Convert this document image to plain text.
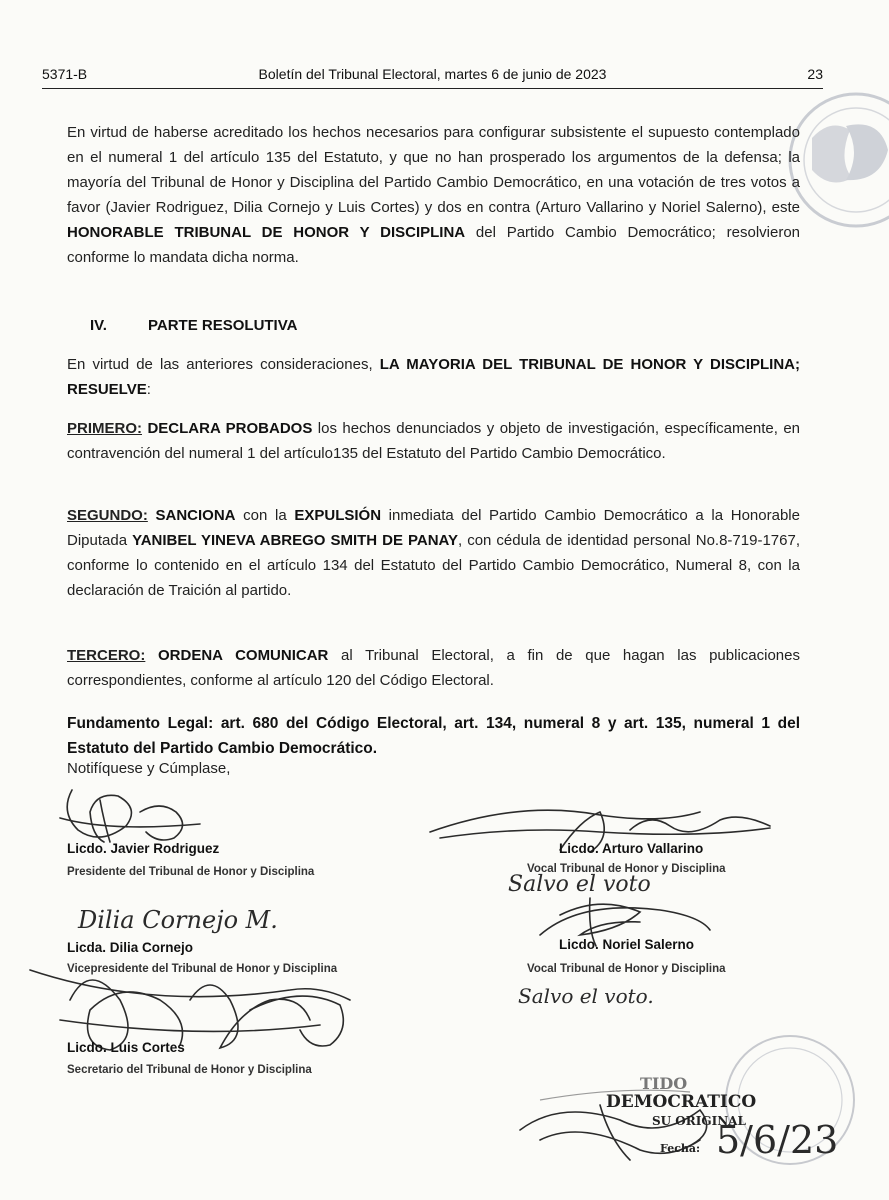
5371-B	Boletín del Tribunal Electoral, martes 6 de junio de 2023	23
En virtud de haberse acreditado los hechos necesarios para configurar subsistente el supuesto contemplado en el numeral 1 del artículo 135 del Estatuto, y que no han prosperado los argumentos de la defensa; la mayoría del Tribunal de Honor y Disciplina del Partido Cambio Democrático, en una votación de tres votos a favor (Javier Rodriguez, Dilia Cornejo y Luis Cortes) y dos en contra (Arturo Vallarino y Noriel Salerno), este HONORABLE TRIBUNAL DE HONOR Y DISCIPLINA del Partido Cambio Democrático; resolvieron conforme lo mandata dicha norma.
IV.	PARTE RESOLUTIVA
En virtud de las anteriores consideraciones, LA MAYORIA DEL TRIBUNAL DE HONOR Y DISCIPLINA; RESUELVE:
PRIMERO: DECLARA PROBADOS los hechos denunciados y objeto de investigación, específicamente, en contravención del numeral 1 del artículo135 del Estatuto del Partido Cambio Democrático.
SEGUNDO: SANCIONA con la EXPULSIÓN inmediata del Partido Cambio Democrático a la Honorable Diputada YANIBEL YINEVA ABREGO SMITH DE PANAY, con cédula de identidad personal No.8-719-1767, conforme lo contenido en el artículo 134 del Estatuto del Partido Cambio Democrático, Numeral 8, con la declaración de Traición al partido.
TERCERO: ORDENA COMUNICAR al Tribunal Electoral, a fin de que hagan las publicaciones correspondientes, conforme al artículo 120 del Código Electoral.
Fundamento Legal: art. 680 del Código Electoral, art. 134, numeral 8 y art. 135, numeral 1 del Estatuto del Partido Cambio Democrático.
Notifíquese y Cúmplase,
Licdo. Javier Rodriguez
Presidente del Tribunal de Honor y Disciplina
Licdo. Arturo Vallarino
Vocal Tribunal de Honor y Disciplina
Salvo el voto
Dilia Cornejo M.
Licda. Dilia Cornejo
Vicepresidente del Tribunal de Honor y Disciplina
Licdo. Noriel Salerno
Vocal Tribunal de Honor y Disciplina
Salvo el voto.
Licdo. Luis Cortes
Secretario del Tribunal de Honor y Disciplina
TIDO
DEMOCRATICO
SU ORIGINAL
Fecha: 5/6/23
